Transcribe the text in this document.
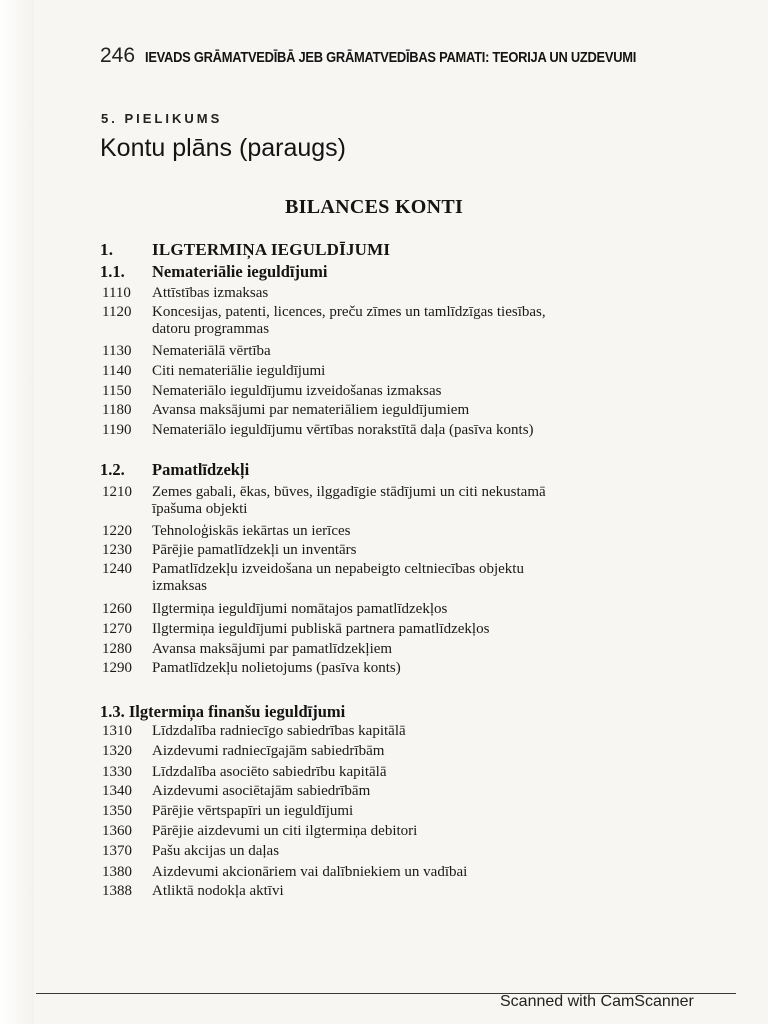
246 IEVADS GRĀMATVEDĪBĀ JEB GRĀMATVEDĪBAS PAMATI: TEORIJA UN UZDEVUMI
5. PIELIKUMS
Kontu plāns (paraugs)
BILANCES KONTI
1. ILGTERMIŅA IEGULDĪJUMI
1.1. Nemateriālie ieguldījumi
1110 Attīstības izmaksas
1120 Koncesijas, patenti, licences, preču zīmes un tamlīdzīgas tiesības,
datoru programmas
1130 Nemateriālā vērtība
1140 Citi nemateriālie ieguldījumi
1150 Nemateriālo ieguldījumu izveidošanas izmaksas
1180 Avansa maksājumi par nemateriāliem ieguldījumiem
1190 Nemateriālo ieguldījumu vērtības norakstītā daļa (pasīva konts)
1.2. Pamatlīdzekļi
1210 Zemes gabali, ēkas, būves, ilggadīgie stādījumi un citi nekustamā
īpašuma objekti
1220 Tehnoloģiskās iekārtas un ierīces
1230 Pārējie pamatlīdzekļi un inventārs
1240 Pamatlīdzekļu izveidošana un nepabeigto celtniecības objektu
izmaksas
1260 Ilgtermiņa ieguldījumi nomātajos pamatlīdzekļos
1270 Ilgtermiņa ieguldījumi publiskā partnera pamatlīdzekļos
1280 Avansa maksājumi par pamatlīdzekļiem
1290 Pamatlīdzekļu nolietojums (pasīva konts)
1.3. Ilgtermiņa finanšu ieguldījumi
1310 Līdzdalība radniecīgo sabiedrības kapitālā
1320 Aizdevumi radniecīgajām sabiedrībām
1330 Līdzdalība asociēto sabiedrību kapitālā
1340 Aizdevumi asociētajām sabiedrībām
1350 Pārējie vērtspapīri un ieguldījumi
1360 Pārējie aizdevumi un citi ilgtermiņa debitori
1370 Pašu akcijas un daļas
1380 Aizdevumi akcionāriem vai dalībniekiem un vadībai
1388 Atliktā nodokļa aktīvi
Scanned with CamScanner
